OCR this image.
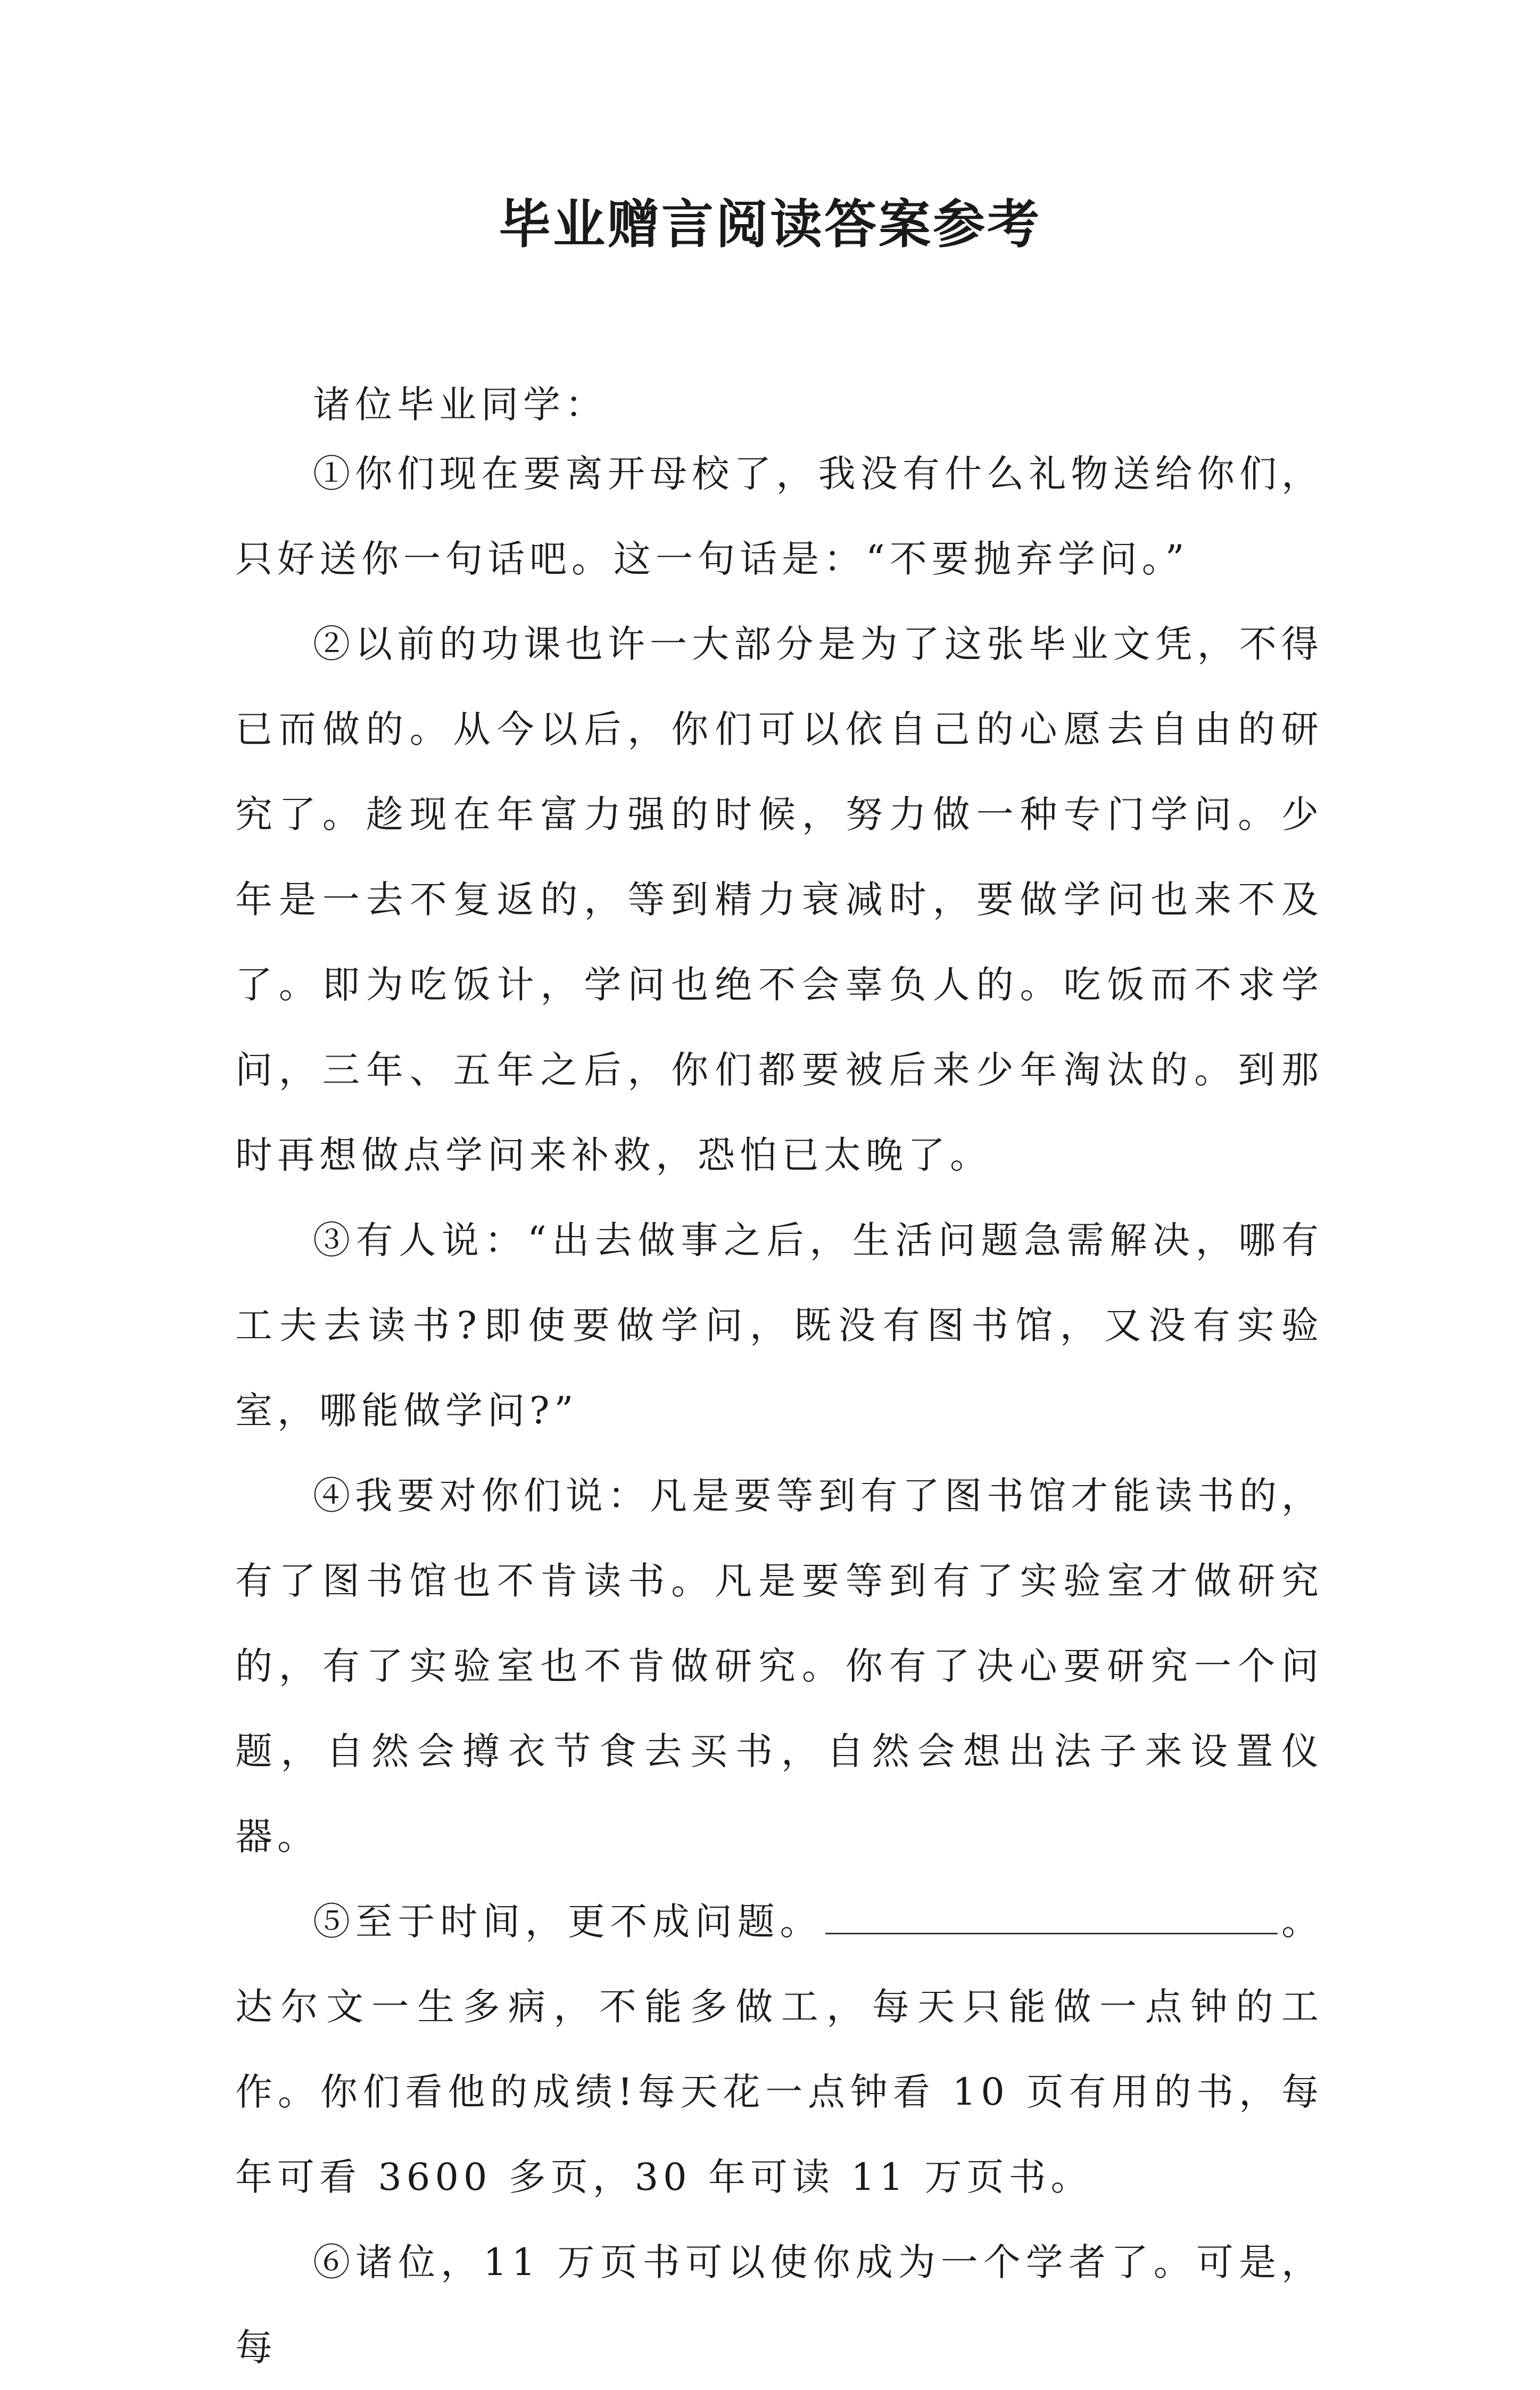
毕业赠言阅读答案参考
诸位毕业同学：

①你们现在要离开母校了，我没有什么礼物送给你们，只好送你一句话吧。这一句话是：“不要抛弃学问。”

②以前的功课也许一大部分是为了这张毕业文凭，不得已而做的。从今以后，你们可以依自己的心愿去自由的研究了。趁现在年富力强的时候，努力做一种专门学问。少年是一去不复返的，等到精力衰减时，要做学问也来不及了。即为吃饭计，学问也绝不会辜负人的。吃饭而不求学问，三年、五年之后，你们都要被后来少年淘汰的。到那时再想做点学问来补救，恐怕已太晚了。

③有人说：“出去做事之后，生活问题急需解决，哪有工夫去读书?即使要做学问，既没有图书馆，又没有实验室，哪能做学问?”

④我要对你们说：凡是要等到有了图书馆才能读书的，有了图书馆也不肯读书。凡是要等到有了实验室才做研究的，有了实验室也不肯做研究。你有了决心要研究一个问题，自然会撙衣节食去买书，自然会想出法子来设置仪器。

⑤至于时间，更不成问题。	。达尔文一生多病，不能多做工，每天只能做一点钟的工作。你们看他的成绩!每天花一点钟看 10 页有用的书，每年可看 3600 多页，30 年可读 11 万页书。

⑥诸位，11 万页书可以使你成为一个学者了。可是，每
